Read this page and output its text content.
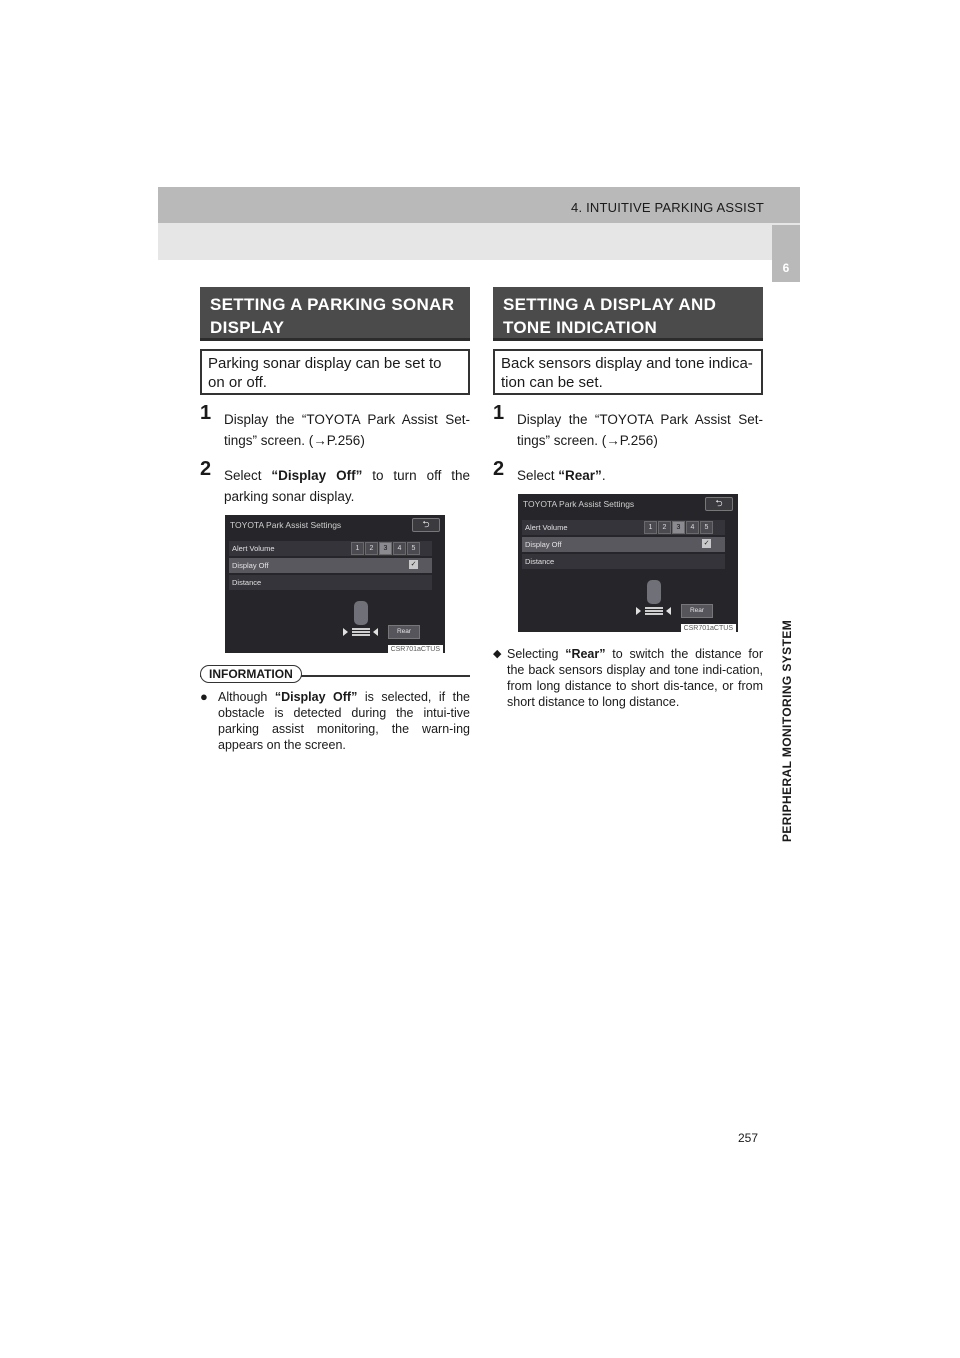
4. INTUITIVE PARKING ASSIST
6
PERIPHERAL MONITORING SYSTEM
SETTING A PARKING SONAR DISPLAY
Parking sonar display can be set to on or off.
1 Display the “TOYOTA Park Assist Set-tings” screen. (→P.256)
2 Select “Display Off” to turn off the parking sonar display.
TOYOTA Park Assist Settings	⮌
Alert Volume	1	2	3	4	5
Display Off	✓
Distance
Rear
CSR701aCTUS
INFORMATION
● Although “Display Off” is selected, if the obstacle is detected during the intui-tive parking assist monitoring, the warn-ing appears on the screen.
SETTING A DISPLAY AND TONE INDICATION
Back sensors display and tone indica-tion can be set.
1 Display the “TOYOTA Park Assist Set-tings” screen. (→P.256)
2 Select “Rear”.
TOYOTA Park Assist Settings	⮌
Alert Volume	1	2	3	4	5
Display Off	✓
Distance
Rear
CSR701aCTUS
◆ Selecting “Rear” to switch the distance for the back sensors display and tone indi-cation, from long distance to short dis-tance, or from short distance to long distance.
257
